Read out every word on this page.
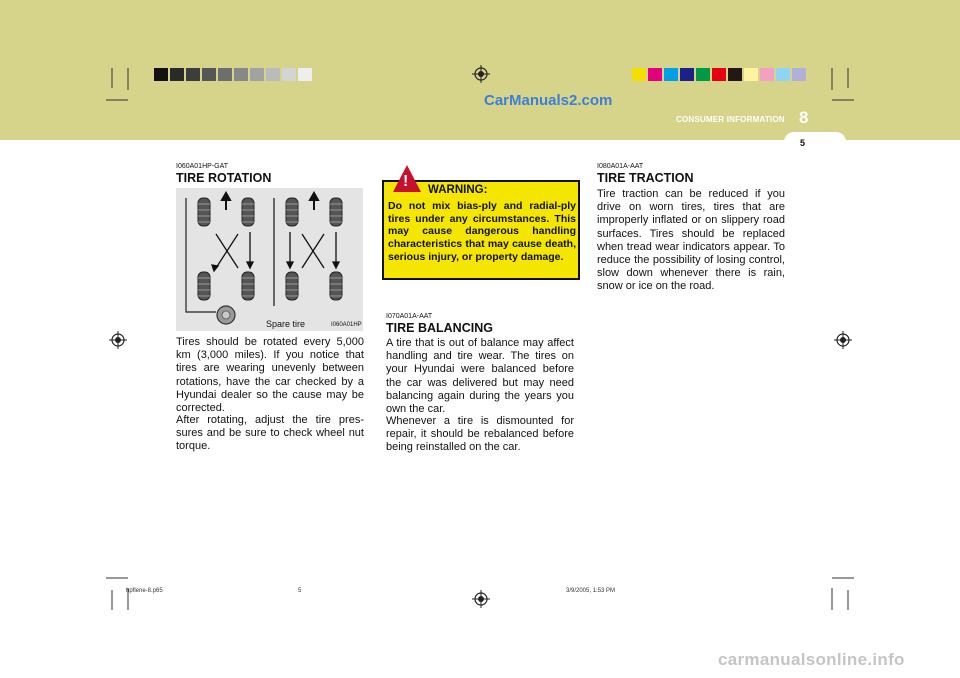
CarManuals2.com
CONSUMER INFORMATION 8
5
I060A01HP-GAT
TIRE ROTATION
Spare tire	I060A01HP
Tires should be rotated every 5,000 km (3,000 miles). If you notice that tires are wearing unevenly between rotations, have the car checked by a Hyundai dealer so the cause may be corrected.
After rotating, adjust the tire pres-sures and be sure to check wheel nut torque.
! WARNING:
Do not mix bias-ply and radial-ply tires under any circumstances. This may cause dangerous handling characteristics that may cause death, serious injury, or property damage.
I070A01A-AAT
TIRE BALANCING
A tire that is out of balance may affect handling and tire wear. The tires on your Hyundai were balanced before the car was delivered but may need balancing again during the years you own the car.
Whenever a tire is dismounted for repair, it should be rebalanced before being reinstalled on the car.
I080A01A-AAT
TIRE TRACTION
Tire traction can be reduced if you drive on worn tires, tires that are improperly inflated or on slippery road surfaces. Tires should be replaced when tread wear indicators appear. To reduce the possibility of losing control, slow down whenever there is rain, snow or ice on the road.
hpflene-8.p65	5	3/9/2005, 1:53 PM
carmanualsonline.info
